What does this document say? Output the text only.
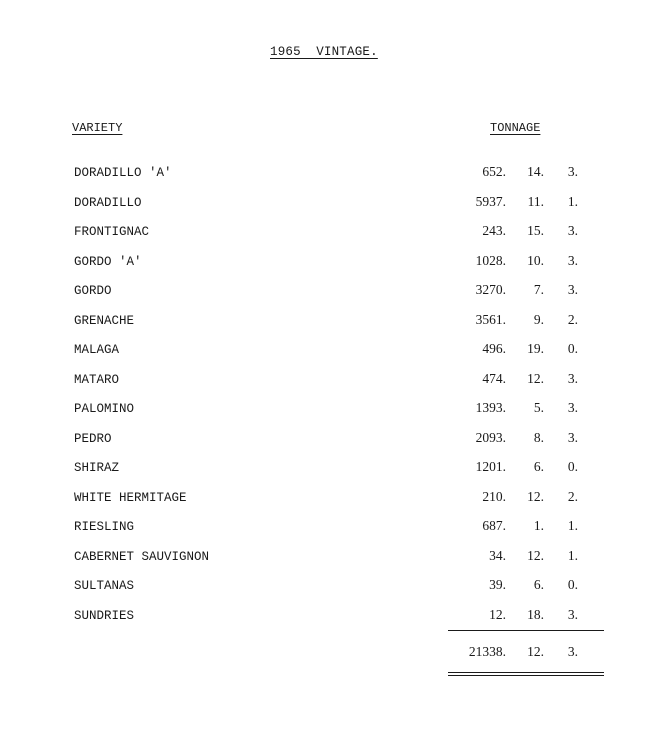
1965  VINTAGE.
VARIETY	TONNAGE
DORADILLO 'A'	652.	14.	3.
DORADILLO	5937.	11.	1.
FRONTIGNAC	243.	15.	3.
GORDO 'A'	1028.	10.	3.
GORDO	3270.	7.	3.
GRENACHE	3561.	9.	2.
MALAGA	496.	19.	0.
MATARO	474.	12.	3.
PALOMINO	1393.	5.	3.
PEDRO	2093.	8.	3.
SHIRAZ	1201.	6.	0.
WHITE HERMITAGE	210.	12.	2.
RIESLING	687.	1.	1.
CABERNET SAUVIGNON	34.	12.	1.
SULTANAS	39.	6.	0.
SUNDRIES	12.	18.	3.
21338.	12.	3.
